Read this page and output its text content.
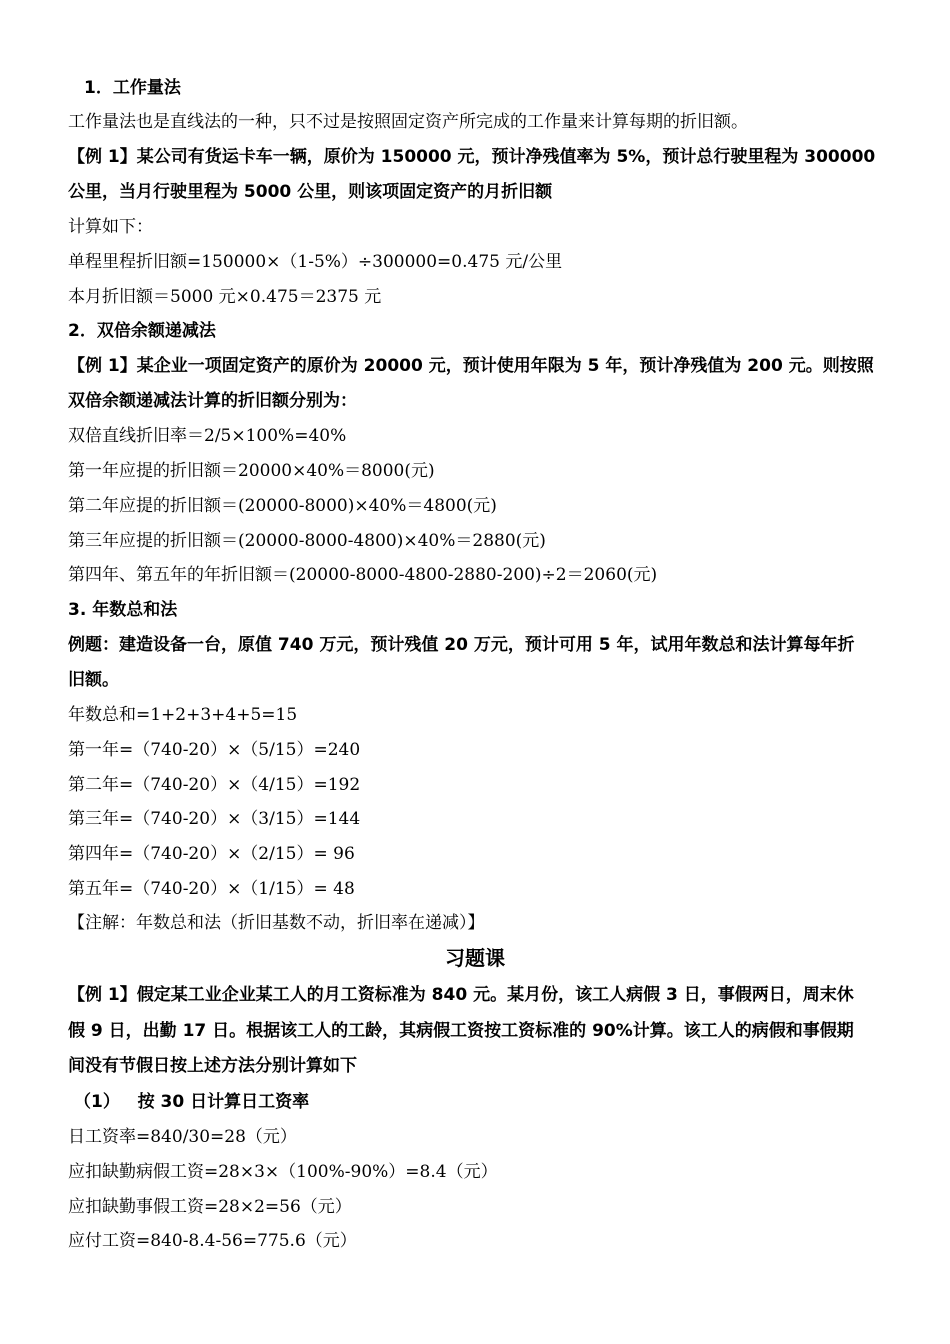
1．工作量法
工作量法也是直线法的一种，只不过是按照固定资产所完成的工作量来计算每期的折旧额。
【例 1】某公司有货运卡车一辆，原价为 150000 元，预计净残值率为 5%，预计总行驶里程为 300000
公里，当月行驶里程为 5000 公里，则该项固定资产的月折旧额
计算如下：
单程里程折旧额=150000×（1-5%）÷300000=0.475 元/公里
本月折旧额＝5000 元×0.475＝2375 元
2．双倍余额递减法
【例 1】某企业一项固定资产的原价为 20000 元，预计使用年限为 5 年，预计净残值为 200 元。则按照
双倍余额递减法计算的折旧额分别为：
双倍直线折旧率＝2/5×100%=40%
第一年应提的折旧额＝20000×40%＝8000(元)
第二年应提的折旧额＝(20000-8000)×40%＝4800(元)
第三年应提的折旧额＝(20000-8000-4800)×40%＝2880(元)
第四年、第五年的年折旧额＝(20000-8000-4800-2880-200)÷2＝2060(元)
3. 年数总和法
例题：建造设备一台，原值 740 万元，预计残值 20 万元，预计可用 5 年，试用年数总和法计算每年折
旧额。
年数总和=1+2+3+4+5=15
第一年=（740-20）×（5/15）=240
第二年=（740-20）×（4/15）=192
第三年=（740-20）×（3/15）=144
第四年=（740-20）×（2/15）= 96
第五年=（740-20）×（1/15）= 48
【注解：年数总和法（折旧基数不动，折旧率在递减）】
习题课
【例 1】假定某工业企业某工人的月工资标准为 840 元。某月份，该工人病假 3 日，事假两日，周末休
假 9 日，出勤 17 日。根据该工人的工龄，其病假工资按工资标准的 90%计算。该工人的病假和事假期
间没有节假日按上述方法分别计算如下
（1）   按 30 日计算日工资率
日工资率=840/30=28（元）
应扣缺勤病假工资=28×3×（100%-90%）=8.4（元）
应扣缺勤事假工资=28×2=56（元）
应付工资=840-8.4-56=775.6（元）
